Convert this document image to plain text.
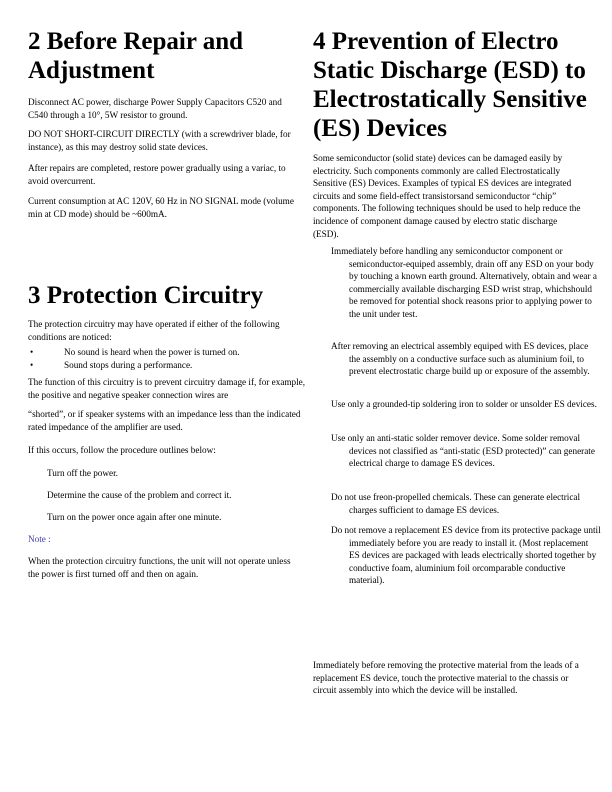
2 Before Repair and
Adjustment

Disconnect AC power, discharge Power Supply Capacitors C520 and C540 through a 10°, 5W resistor to ground.

DO NOT SHORT-CIRCUIT DIRECTLY (with a screwdriver blade, for instance), as this may destroy solid state devices.

After repairs are completed, restore power gradually using a variac, to avoid overcurrent.

Current consumption at AC 120V, 60 Hz in NO SIGNAL mode (volume min at CD mode) should be ~600mA.

3 Protection Circuitry

The protection circuitry may have operated if either of the following conditions are noticed:

•	No sound is heard when the power is turned on.
•	Sound stops during a performance.

The function of this circuitry is to prevent circuitry damage if, for example, the positive and negative speaker connection wires are

“shorted”, or if speaker systems with an impedance less than the indicated rated impedance of the amplifier are used.

If this occurs, follow the procedure outlines below:

Turn off the power.

Determine the cause of the problem and correct it.

Turn on the power once again after one minute.

Note :

When the protection circuitry functions, the unit will not operate unless the power is first turned off and then on again.

4 Prevention of Electro
Static Discharge (ESD) to
Electrostatically Sensitive
(ES) Devices

Some semiconductor (solid state) devices can be damaged easily by electricity. Such components commonly are called Electrostatically Sensitive (ES) Devices. Examples of typical ES devices are integrated circuits and some field-effect transistorsand semiconductor “chip” components. The following techniques should be used to help reduce the incidence of component damage caused by electro static discharge (ESD).

Immediately before handling any semiconductor component or semiconductor-equiped assembly, drain off any ESD on your body by touching a known earth ground. Alternatively, obtain and wear a commercially available discharging ESD wrist strap, whichshould be removed for potential shock reasons prior to applying power to the unit under test.

After removing an electrical assembly equiped with ES devices, place the assembly on a conductive surface such as aluminium foil, to prevent electrostatic charge build up or exposure of the assembly.

Use only a grounded-tip soldering iron to solder or unsolder ES devices.

Use only an anti-static solder remover device. Some solder removal devices not classified as “anti-static (ESD protected)” can generate electrical charge to damage ES devices.

Do not use freon-propelled chemicals. These can generate electrical charges sufficient to damage ES devices.

Do not remove a replacement ES device from its protective package until immediately before you are ready to install it. (Most replacement ES devices are packaged with leads electrically shorted together by conductive foam, aluminium foil orcomparable conductive material).

Immediately before removing the protective material from the leads of a replacement ES device, touch the protective material to the chassis or circuit assembly into which the device will be installed.
